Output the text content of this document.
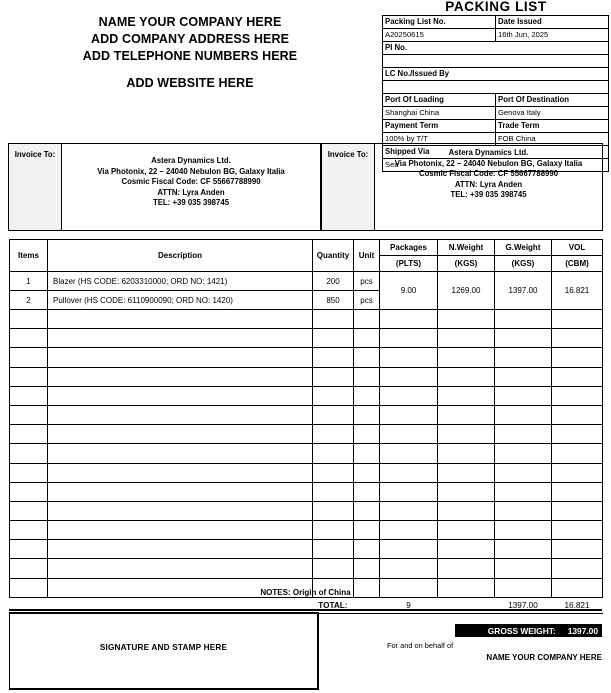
NAME YOUR COMPANY HERE
ADD COMPANY ADDRESS HERE
ADD TELEPHONE NUMBERS HERE
ADD WEBSITE HERE
PACKING LIST
Packing List No.	Date Issued
A20250615	16th Jun, 2025
PI No.	

LC No./Issued By	

Port Of Loading	Port Of Destination
Shanghai China	Genova Italy
Payment Term	Trade Term
100% by T/T	FOB China
Shipped Via	
Sea	
Invoice To:
Astera Dynamics Ltd.
Via Photonix, 22 – 24040 Nebulon BG, Galaxy Italia
Cosmic Fiscal Code: CF 55667788990
ATTN: Lyra Anden
TEL: +39 035 398745
Invoice To:	Astera Dynamics Ltd.
Via Photonix, 22 – 24040 Nebulon BG, Galaxy Italia
Cosmic Fiscal Code: CF 55667788990
ATTN: Lyra Anden
TEL: +39 035 398745
Items	Description	Quantity	Unit	Packages	N.Weight	G.Weight	VOL
				(PLTS)	(KGS)	(KGS)	(CBM)
1	Blazer (HS CODE: 6203310000; ORD NO: 1421)	200	pcs	9.00	1269.00	1397.00	16.821
2	Pullover (HS CODE: 6110900090; ORD NO: 1420)	850	pcs				

		TOTAL:		9		1397.00	16.821
NOTES: Origin of China
SIGNATURE AND STAMP HERE
GROSS WEIGHT: 1397.00
For and on behalf of
NAME YOUR COMPANY HERE
